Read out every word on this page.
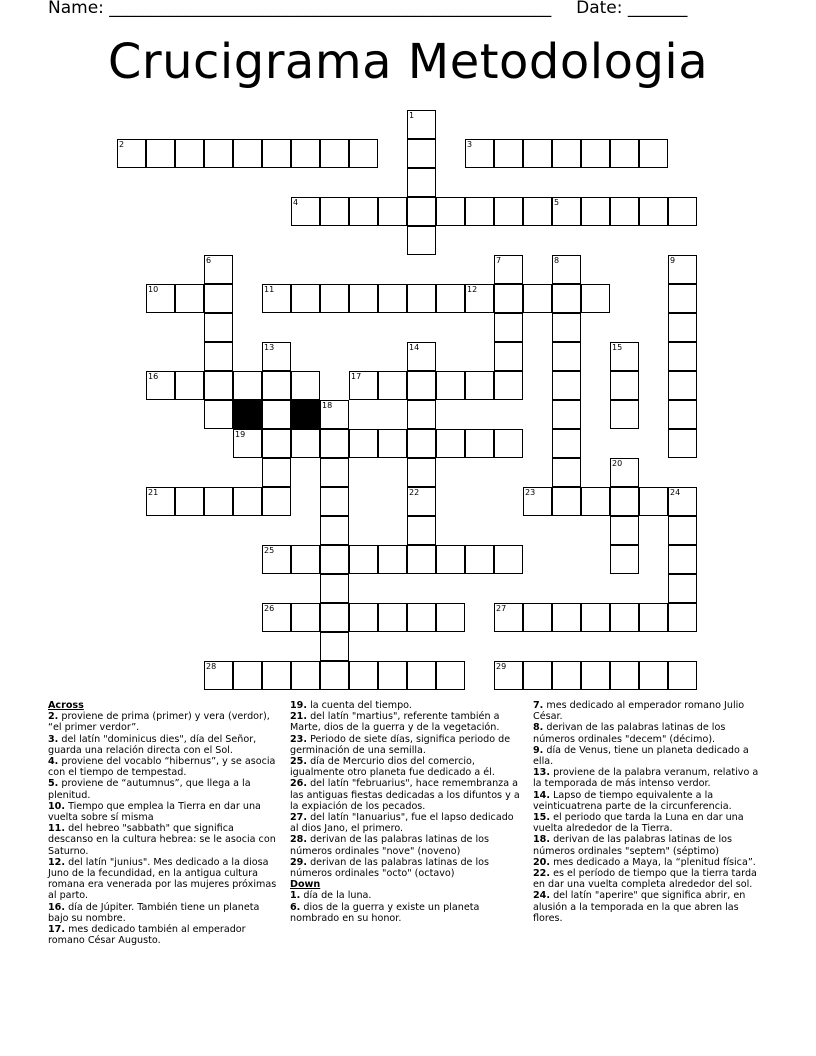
Name: ____________________________________________________ Date: _______
Crucigrama Metodologia
1
2	3
4	5
6	7	8	9
10	11	12
13	14	15
16	17
18
19
20
21	22	23	24
25
26	27
28	29
Across
2. proviene de prima (primer) y vera (verdor), “el primer verdor”.
3. del latín "dominicus dies", día del Señor, guarda una relación directa con el Sol.
4. proviene del vocablo “hibernus”, y se asocia con el tiempo de tempestad.
5. proviene de “autumnus”, que llega a la plenitud.
10. Tiempo que emplea la Tierra en dar una vuelta sobre sí misma
11. del hebreo "sabbath" que significa descanso en la cultura hebrea: se le asocia con Saturno.
12. del latín "junius". Mes dedicado a la diosa Juno de la fecundidad, en la antigua cultura romana era venerada por las mujeres próximas al parto.
16. día de Júpiter. También tiene un planeta bajo su nombre.
17. mes dedicado también al emperador romano César Augusto.
19. la cuenta del tiempo.
21. del latín "martius", referente también a Marte, dios de la guerra y de la vegetación.
23. Periodo de siete días, significa periodo de germinación de una semilla.
25. día de Mercurio dios del comercio, igualmente otro planeta fue dedicado a él.
26. del latín "februarius", hace remembranza a las antiguas fiestas dedicadas a los difuntos y a la expiación de los pecados.
27. del latín "Ianuarius", fue el lapso dedicado al dios Jano, el primero.
28. derivan de las palabras latinas de los números ordinales "nove" (noveno)
29. derivan de las palabras latinas de los números ordinales "octo" (octavo)
Down
1. día de la luna.
6. dios de la guerra y existe un planeta nombrado en su honor.
7. mes dedicado al emperador romano Julio César.
8. derivan de las palabras latinas de los números ordinales "decem" (décimo).
9. día de Venus, tiene un planeta dedicado a ella.
13. proviene de la palabra veranum, relativo a la temporada de más intenso verdor.
14. Lapso de tiempo equivalente a la veinticuatrena parte de la circunferencia.
15. el periodo que tarda la Luna en dar una vuelta alrededor de la Tierra.
18. derivan de las palabras latinas de los números ordinales "septem" (séptimo)
20. mes dedicado a Maya, la “plenitud física”.
22. es el período de tiempo que la tierra tarda en dar una vuelta completa alrededor del sol.
24. del latín "aperire" que significa abrir, en alusión a la temporada en la que abren las flores.
